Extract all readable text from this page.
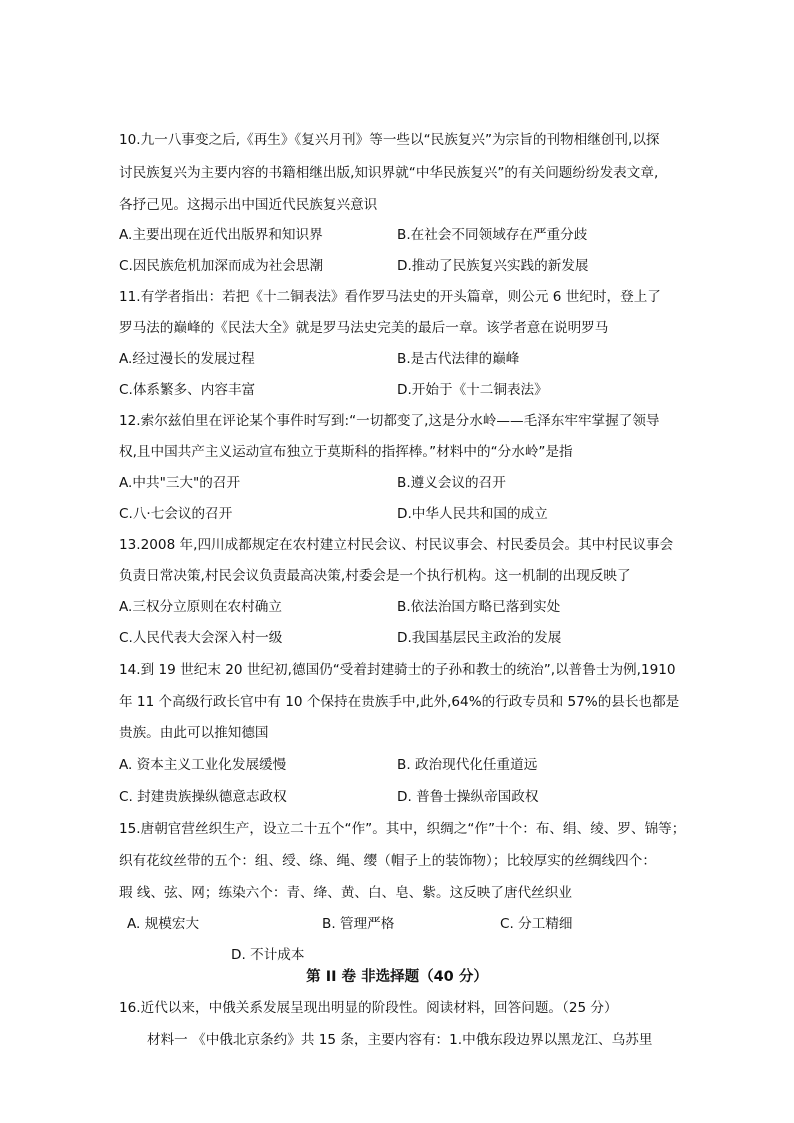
10.九一八事变之后,《再生》《复兴月刊》等一些以“民族复兴”为宗旨的刊物相继创刊,以探
讨民族复兴为主要内容的书籍相继出版,知识界就“中华民族复兴”的有关问题纷纷发表文章,
各抒己见。这揭示出中国近代民族复兴意识
A.主要出现在近代出版界和知识界	B.在社会不同领域存在严重分歧
C.因民族危机加深而成为社会思潮	D.推动了民族复兴实践的新发展
11.有学者指出：若把《十二铜表法》看作罗马法史的开头篇章，则公元 6 世纪时，登上了
罗马法的巅峰的《民法大全》就是罗马法史完美的最后一章。该学者意在说明罗马
A.经过漫长的发展过程	B.是古代法律的巅峰
C.体系繁多、内容丰富	D.开始于《十二铜表法》
12.索尔兹伯里在评论某个事件时写到:“一切都变了,这是分水岭——毛泽东牢牢掌握了领导
权,且中国共产主义运动宣布独立于莫斯科的指挥棒。”材料中的“分水岭”是指
A.中共"三大"的召开	B.遵义会议的召开
C.八·七会议的召开	D.中华人民共和国的成立
13.2008 年,四川成都规定在农村建立村民会议、村民议事会、村民委员会。其中村民议事会
负责日常决策,村民会议负责最高决策,村委会是一个执行机构。这一机制的出现反映了
A.三权分立原则在农村确立	B.依法治国方略已落到实处
C.人民代表大会深入村一级	D.我国基层民主政治的发展
14.到 19 世纪末 20 世纪初,德国仍“受着封建骑士的子孙和教士的统治”,以普鲁士为例,1910
年 11 个高级行政长官中有 10 个保持在贵族手中,此外,64%的行政专员和 57%的县长也都是
贵族。由此可以推知德国
A. 资本主义工业化发展缓慢	B. 政治现代化任重道远
C. 封建贵族操纵德意志政权	D. 普鲁士操纵帝国政权
15.唐朝官营丝织生产，设立二十五个“作”。其中，织绸之“作”十个：布、绢、绫、罗、锦等；
织有花纹丝带的五个：组、绶、绦、绳、缨（帽子上的装饰物）；比较厚实的丝绸线四个：
瑕 线、弦、网；练染六个：青、绛、黄、白、皂、紫。这反映了唐代丝织业
A. 规模宏大	B. 管理严格	C. 分工精细
D. 不计成本
第 II 卷 非选择题（40 分）
16.近代以来，中俄关系发展呈现出明显的阶段性。阅读材料，回答问题。（25 分）
材料一 《中俄北京条约》共 15 条，主要内容有：1.中俄东段边界以黑龙江、乌苏里
